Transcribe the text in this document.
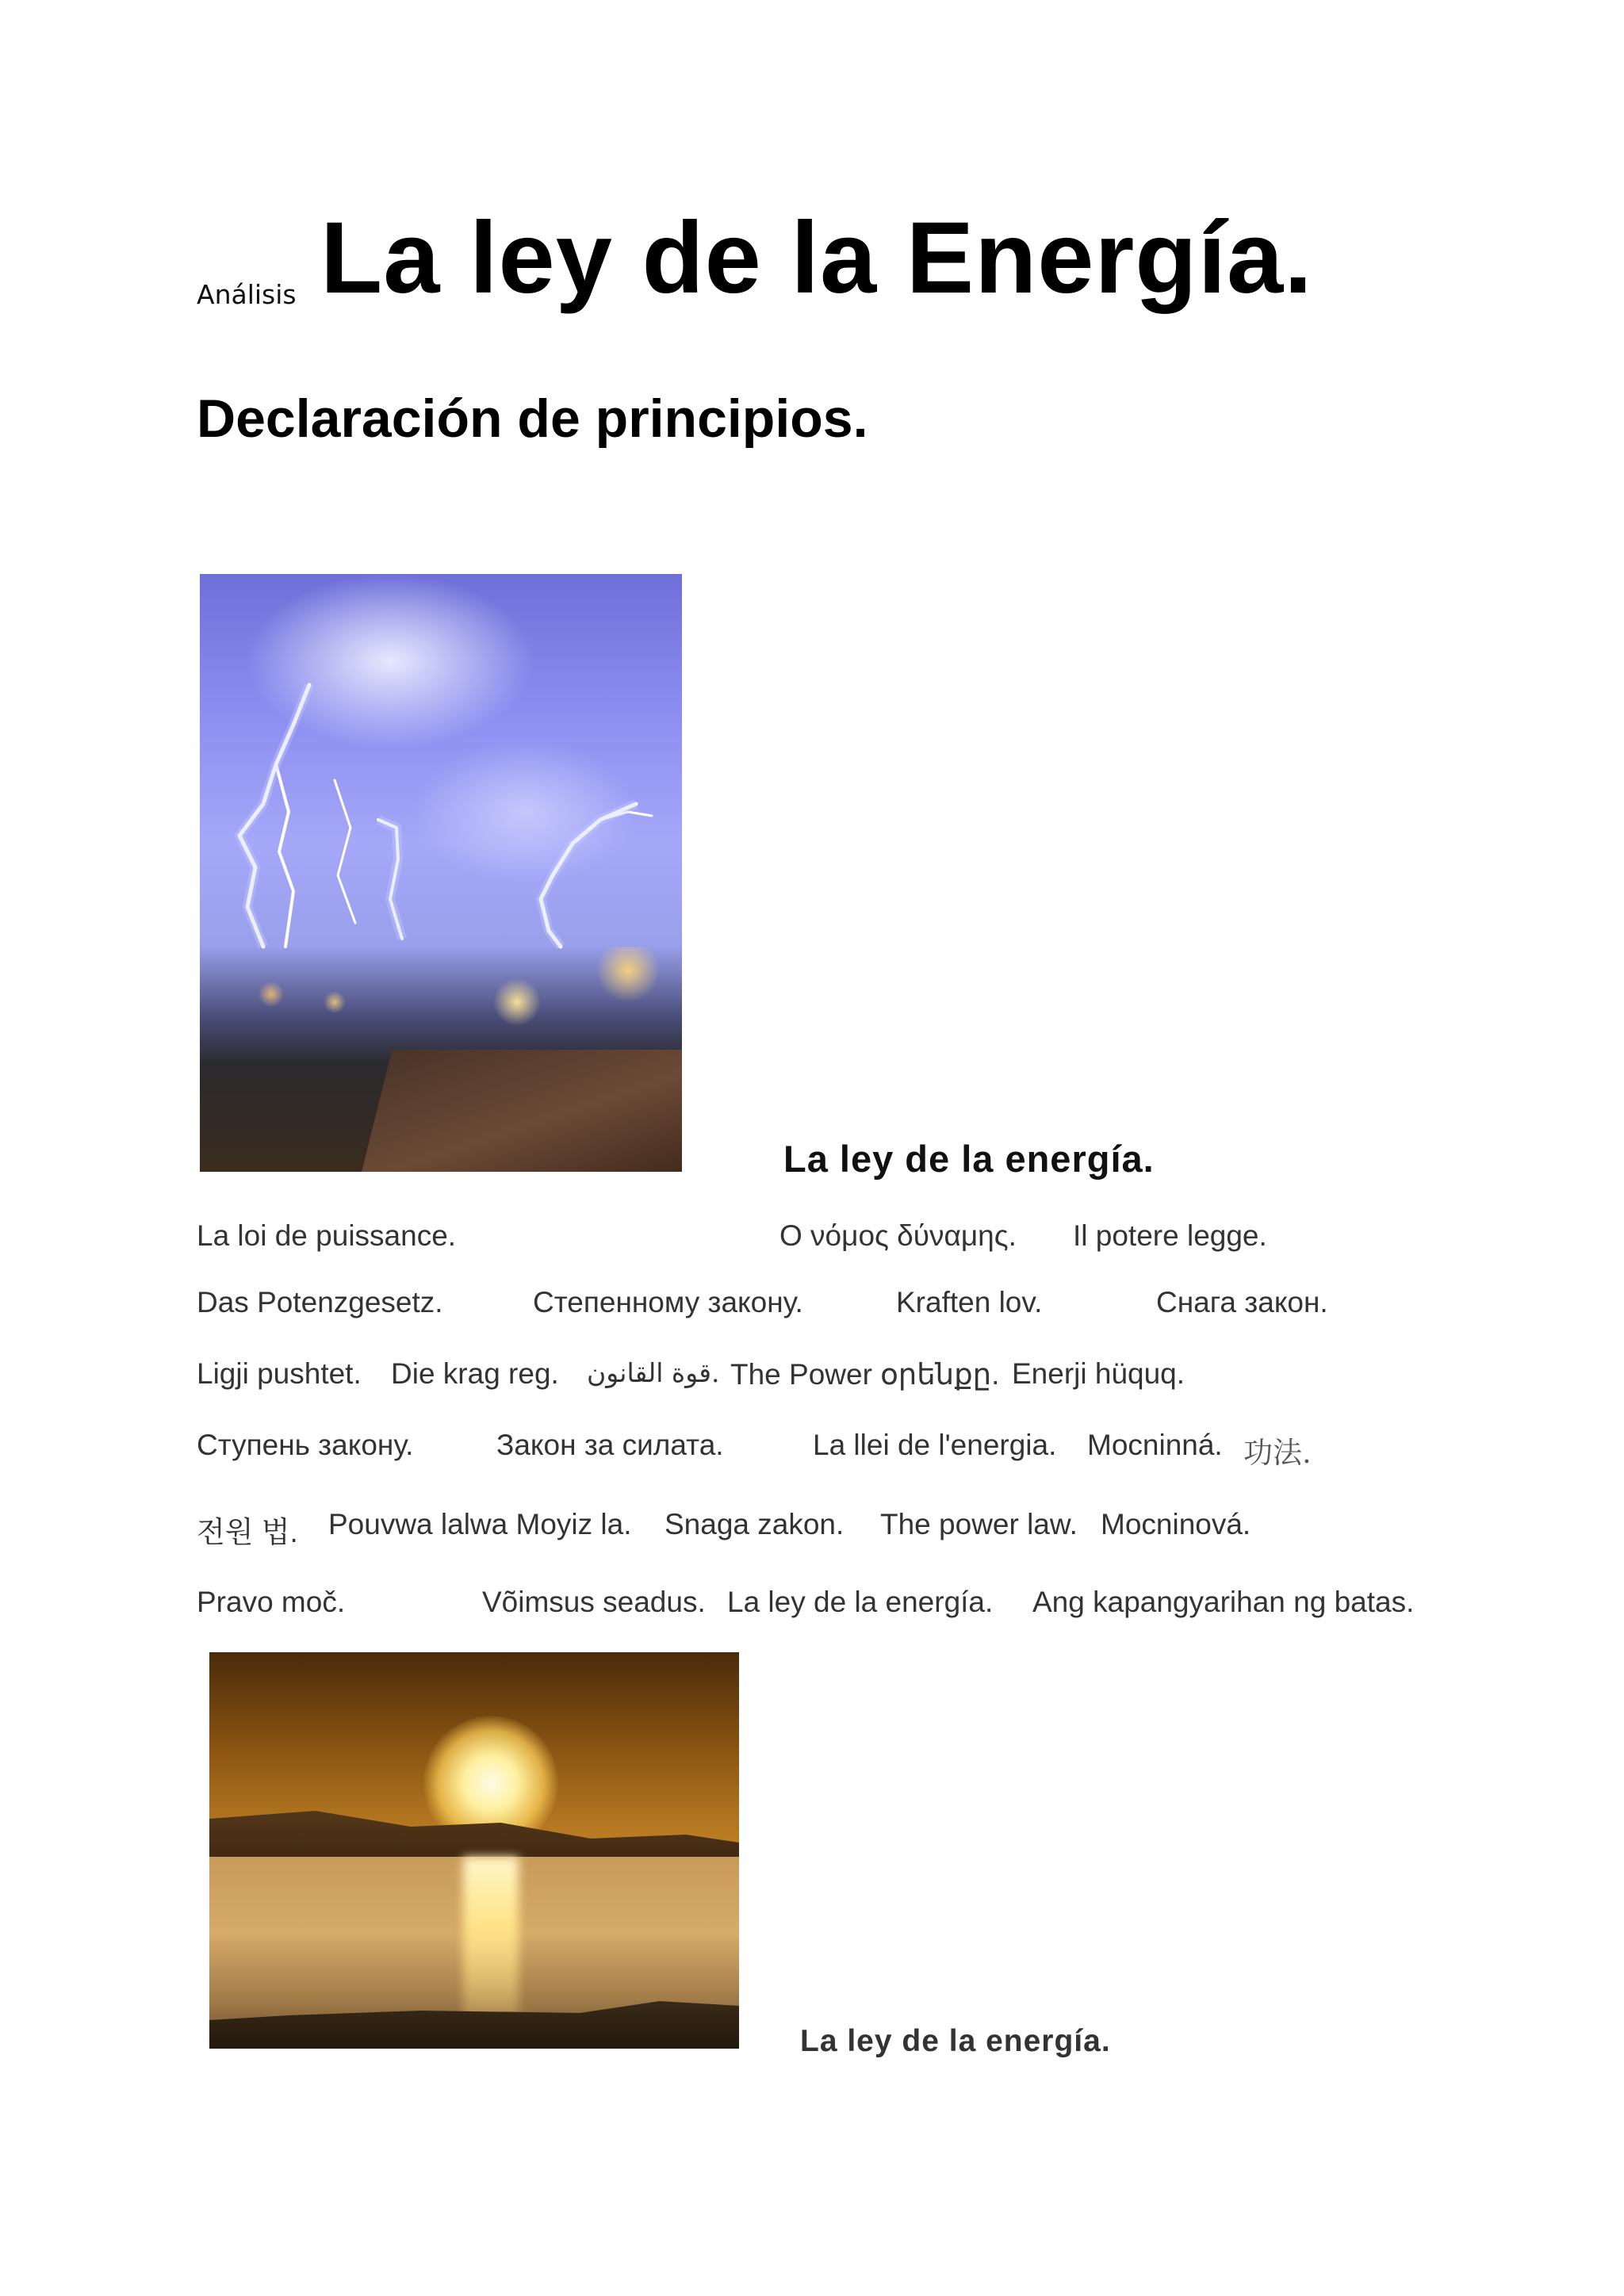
Análisis La ley de la Energía.
Declaración de principios.
La ley de la energía.
La loi de puissance.	Ο νόμος δύναμης. Il potere legge.
Das Potenzgesetz.	Степенному закону.	Kraften lov.	Снага закон.
Ligji pushtet. Die krag reg. قوة القانون. The Power օրենքը. Enerji hüquq.
Ступень закону.	Закон за силата.	La llei de l'energia. Mocninná. 功法.
전원 법. Pouvwa lalwa Moyiz la. Snaga zakon. The power law. Mocninová.
Pravo moč.	Võimsus seadus. La ley de la energía. Ang kapangyarihan ng batas.
La ley de la energía.
